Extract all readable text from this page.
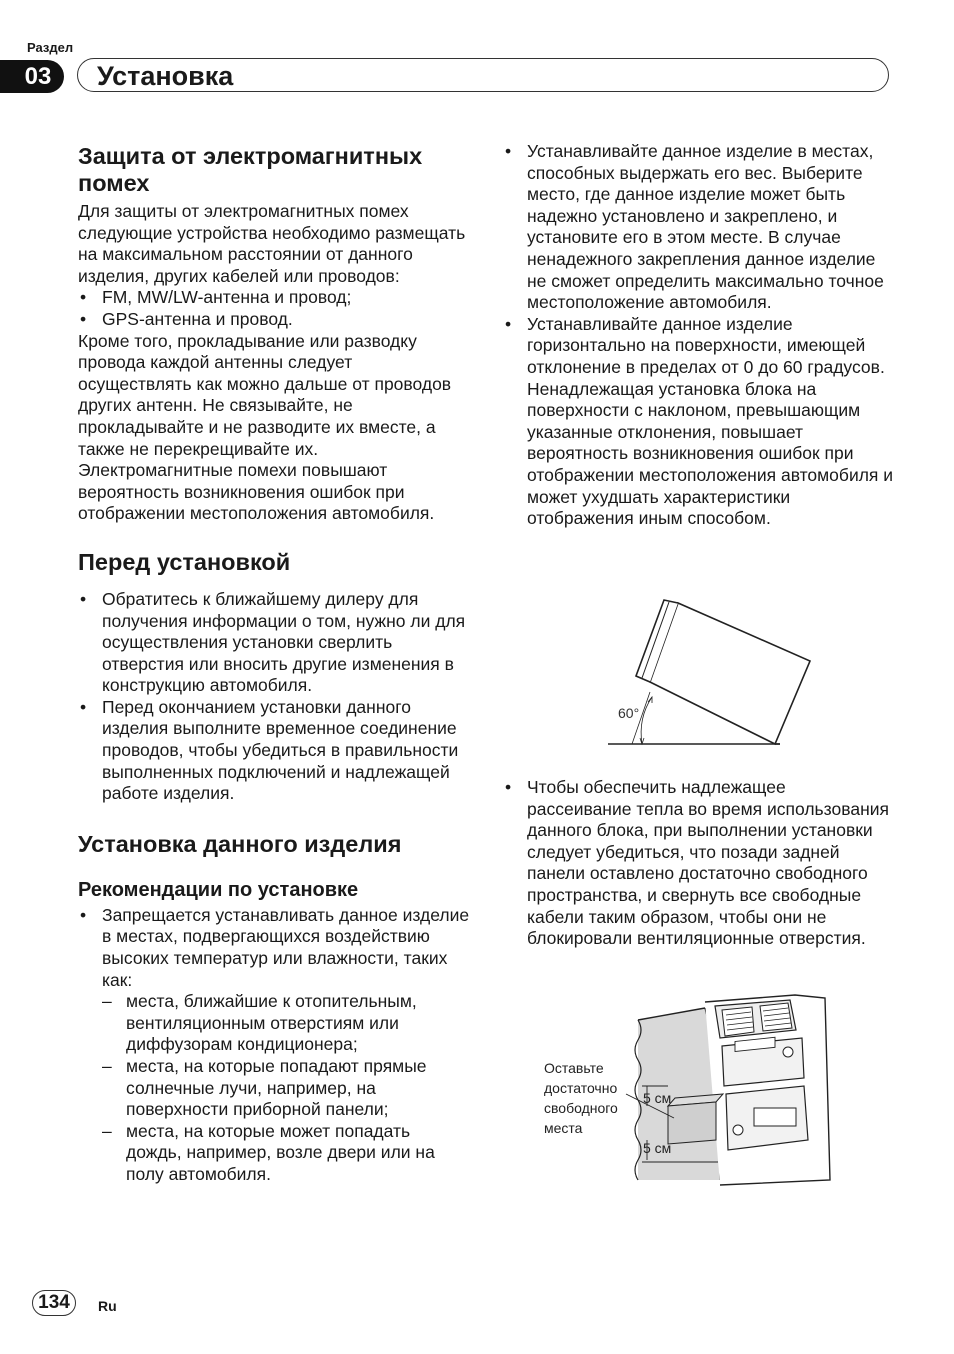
Раздел
03	Установка
Защита от электромагнитных помех

Для защиты от электромагнитных помех следующие устройства необходимо размещать на максимальном расстоянии от данного изделия, других кабелей или проводов:

• FM, MW/LW-антенна и провод;
• GPS-антенна и провод.

Кроме того, прокладывание или разводку провода каждой антенны следует осуществлять как можно дальше от проводов других антенн. Не связывайте, не прокладывайте и не разводите их вместе, а также не перекрещивайте их. Электромагнитные помехи повышают вероятность возникновения ошибок при отображении местоположения автомобиля.

Перед установкой
• Обратитесь к ближайшему дилеру для получения информации о том, нужно ли для осуществления установки сверлить отверстия или вносить другие изменения в конструкцию автомобиля.
• Перед окончанием установки данного изделия выполните временное соединение проводов, чтобы убедиться в правильности выполненных подключений и надлежащей работе изделия.
Установка данного изделия
Рекомендации по установке
• Запрещается устанавливать данное изделие в местах, подвергающихся воздействию высоких температур или влажности, таких как:
– места, ближайшие к отопительным, вентиляционным отверстиям или диффузорам кондиционера;
– места, на которые попадают прямые солнечные лучи, например, на поверхности приборной панели;
– места, на которые может попадать дождь, например, возле двери или на полу автомобиля.
• Устанавливайте данное изделие в местах, способных выдержать его вес. Выберите место, где данное изделие может быть надежно установлено и закреплено, и установите его в этом месте. В случае ненадежного закрепления данное изделие не сможет определить максимально точное местоположение автомобиля.
• Устанавливайте данное изделие горизонтально на поверхности, имеющей отклонение в пределах от 0 до 60 градусов. Ненадлежащая установка блока на поверхности с наклоном, превышающим указанные отклонения, повышает вероятность возникновения ошибок при отображении местоположения автомобиля и может ухудшать характеристики отображения иным способом.
60°
• Чтобы обеспечить надлежащее рассеивание тепла во время использования данного блока, при выполнении установки следует убедиться, что позади задней панели оставлено достаточно свободного пространства, и свернуть все свободные кабели таким образом, чтобы они не блокировали вентиляционные отверстия.
5 см
5 см
Оставьте
достаточно
свободного
места
134	Ru
